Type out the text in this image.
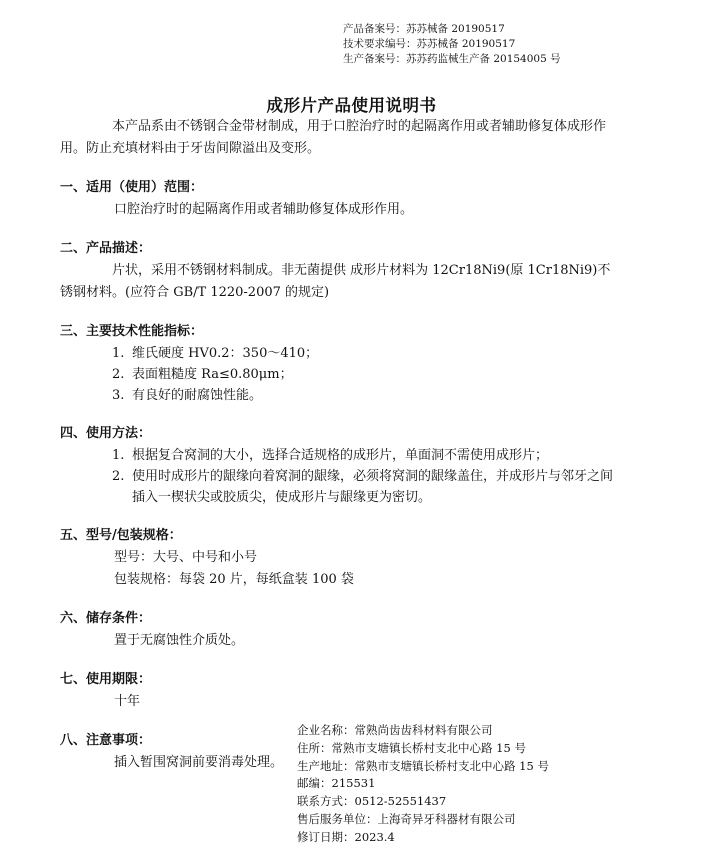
产品备案号：苏苏械备 20190517
技术要求编号：苏苏械备 20190517
生产备案号：苏苏药监械生产备 20154005 号
成形片产品使用说明书

本产品系由不锈钢合金带材制成，用于口腔治疗时的起隔离作用或者辅助修复体成形作用。防止充填材料由于牙齿间隙溢出及变形。

一、适用（使用）范围：

口腔治疗时的起隔离作用或者辅助修复体成形作用。

二、产品描述：

片状，采用不锈钢材料制成。非无菌提供 成形片材料为 12Cr18Ni9(原 1Cr18Ni9)不锈钢材料。(应符合 GB/T 1220-2007 的规定)

三、主要技术性能指标：

1. 维氏硬度 HV0.2：350～410；
2. 表面粗糙度 Ra≤0.80μm；
3. 有良好的耐腐蚀性能。

四、使用方法：

1. 根据复合窝洞的大小，选择合适规格的成形片，单面洞不需使用成形片；
2. 使用时成形片的龈缘向着窝洞的龈缘，必须将窝洞的龈缘盖住，并成形片与邻牙之间插入一楔状尖或胶质尖，使成形片与龈缘更为密切。

五、型号/包装规格：

型号：大号、中号和小号

包装规格：每袋 20 片，每纸盒装 100 袋

六、储存条件：

置于无腐蚀性介质处。

七、使用期限：

十年

八、注意事项：

插入暂围窝洞前要消毒处理。

企业名称：常熟尚齿齿科材料有限公司

住所：常熟市支塘镇长桥村支北中心路 15 号

生产地址：常熟市支塘镇长桥村支北中心路 15 号

邮编：215531

联系方式：0512-52551437

售后服务单位：上海奇异牙科器材有限公司

修订日期：2023.4
